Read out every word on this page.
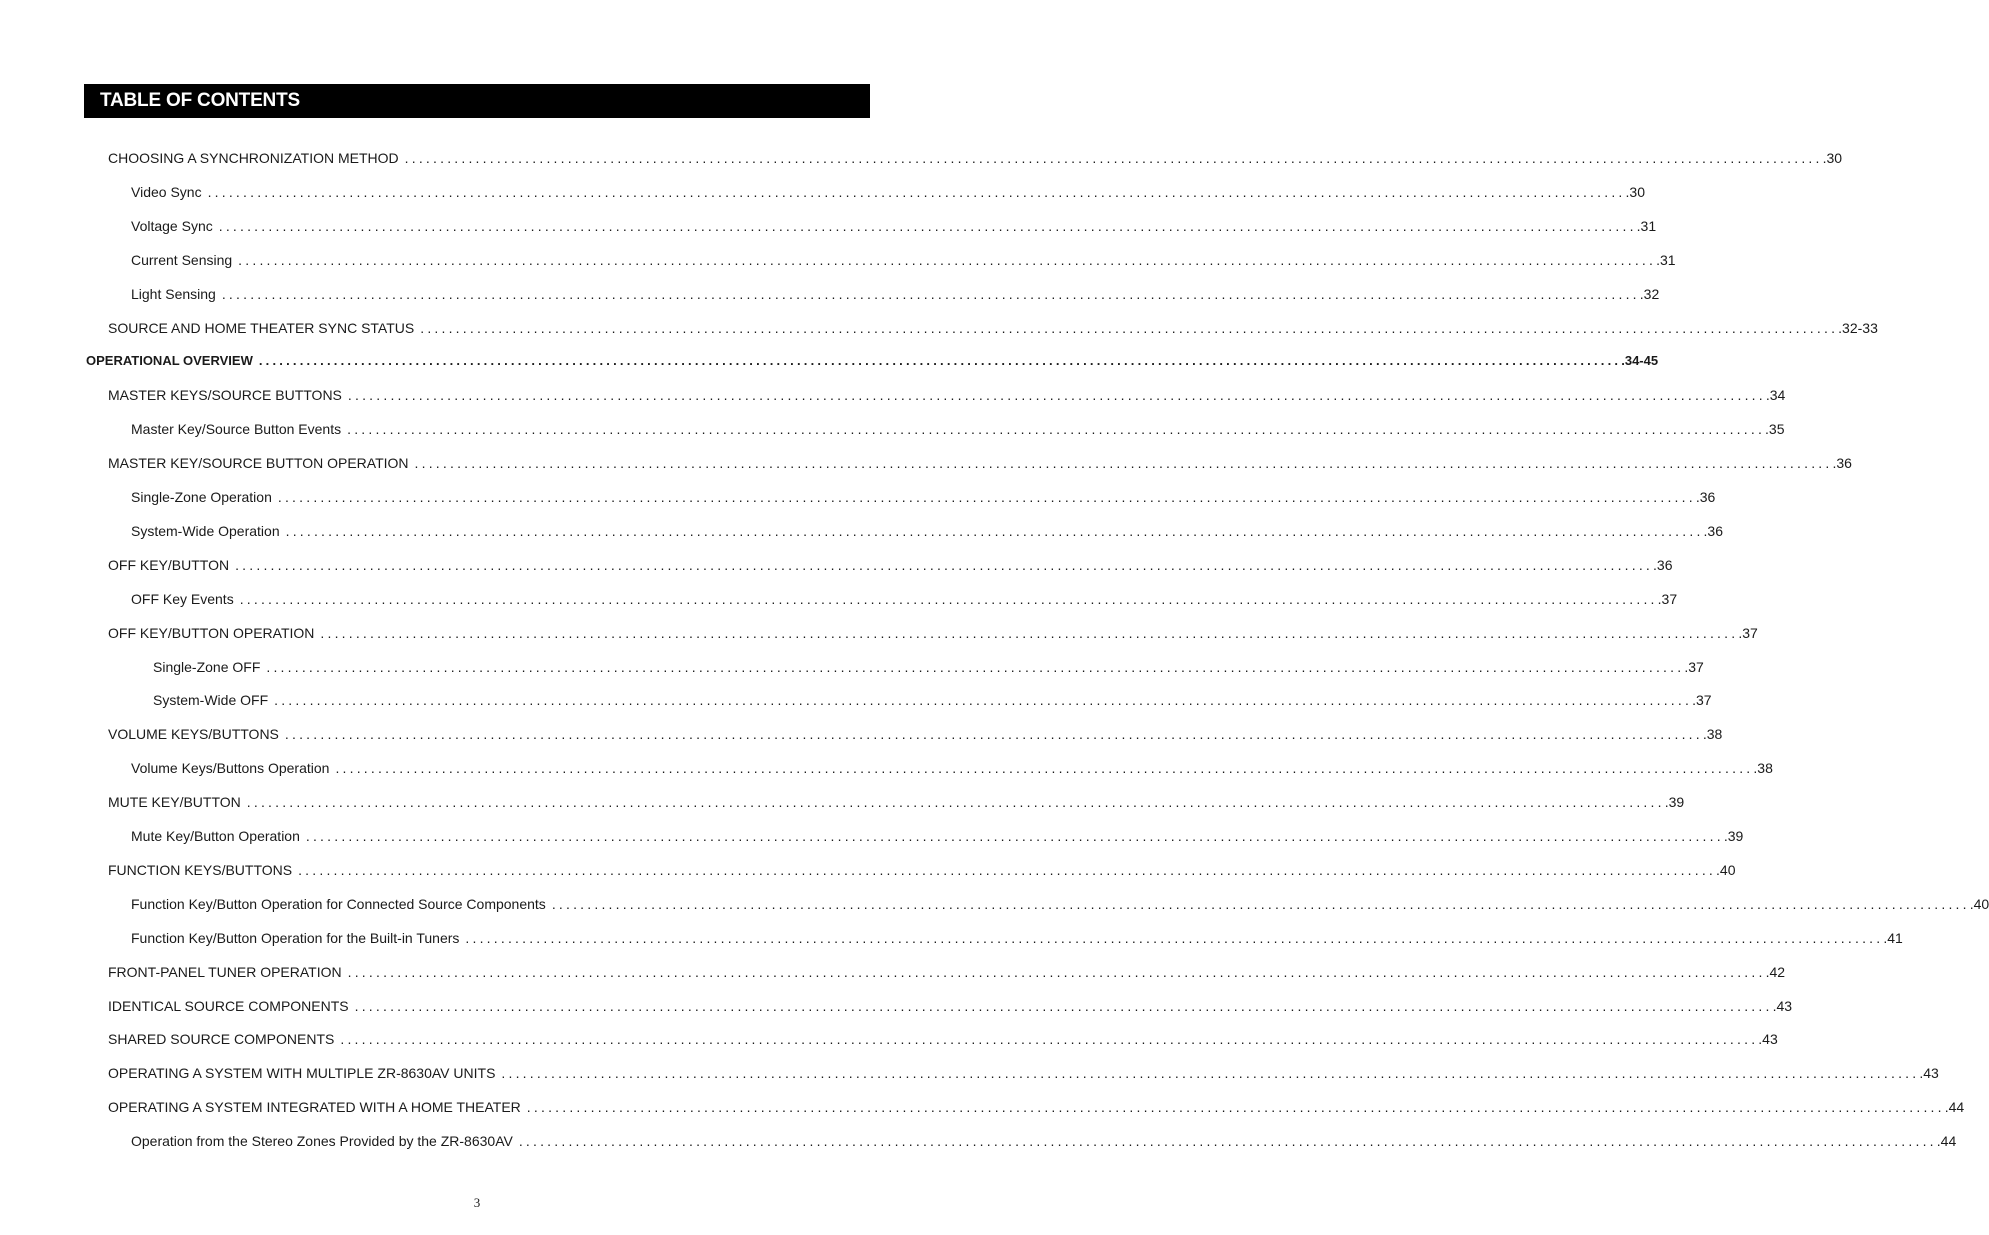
TABLE OF CONTENTS
CHOOSING A SYNCHRONIZATION METHOD ........................................................................................................................................................................................................ .30
Video Sync ........................................................................................................................................................................................................ .30
Voltage Sync ........................................................................................................................................................................................................ .31
Current Sensing ........................................................................................................................................................................................................ .31
Light Sensing ........................................................................................................................................................................................................ .32
SOURCE AND HOME THEATER SYNC STATUS ........................................................................................................................................................................................................ .32-33
OPERATIONAL OVERVIEW ........................................................................................................................................................................................................ .34-45
MASTER KEYS/SOURCE BUTTONS ........................................................................................................................................................................................................ .34
Master Key/Source Button Events ........................................................................................................................................................................................................ .35
MASTER KEY/SOURCE BUTTON OPERATION ........................................................................................................................................................................................................ .36
Single-Zone Operation ........................................................................................................................................................................................................ .36
System-Wide Operation ........................................................................................................................................................................................................ .36
OFF KEY/BUTTON ........................................................................................................................................................................................................ .36
OFF Key Events ........................................................................................................................................................................................................ .37
OFF KEY/BUTTON OPERATION ........................................................................................................................................................................................................ .37
Single-Zone OFF ........................................................................................................................................................................................................ .37
System-Wide OFF ........................................................................................................................................................................................................ .37
VOLUME KEYS/BUTTONS ........................................................................................................................................................................................................ .38
Volume Keys/Buttons Operation ........................................................................................................................................................................................................ .38
MUTE KEY/BUTTON ........................................................................................................................................................................................................ .39
Mute Key/Button Operation ........................................................................................................................................................................................................ .39
FUNCTION KEYS/BUTTONS ........................................................................................................................................................................................................ .40
Function Key/Button Operation for Connected Source Components ........................................................................................................................................................................................................ .40
Function Key/Button Operation for the Built-in Tuners ........................................................................................................................................................................................................ .41
FRONT-PANEL TUNER OPERATION ........................................................................................................................................................................................................ .42
IDENTICAL SOURCE COMPONENTS ........................................................................................................................................................................................................ .43
SHARED SOURCE COMPONENTS ........................................................................................................................................................................................................ .43
OPERATING A SYSTEM WITH MULTIPLE ZR-8630AV UNITS ........................................................................................................................................................................................................ .43
OPERATING A SYSTEM INTEGRATED WITH A HOME THEATER ........................................................................................................................................................................................................ .44
Operation from the Stereo Zones Provided by the ZR-8630AV ........................................................................................................................................................................................................ .44
3
